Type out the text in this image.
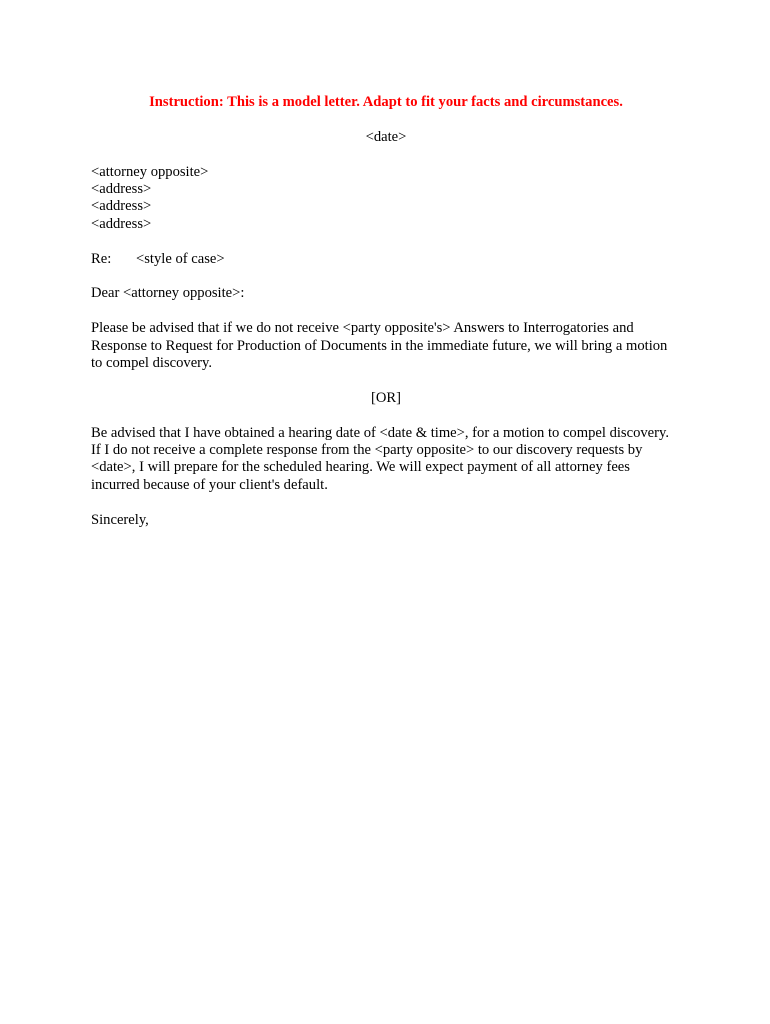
Instruction: This is a model letter. Adapt to fit your facts and circumstances.
<date>
<attorney opposite>
<address>
<address>
<address>
Re: <style of case>
Dear <attorney opposite>:
Please be advised that if we do not receive <party opposite's> Answers to Interrogatories and
Response to Request for Production of Documents in the immediate future, we will bring a motion
to compel discovery.
[OR]
Be advised that I have obtained a hearing date of <date & time>, for a motion to compel discovery.
If I do not receive a complete response from the <party opposite> to our discovery requests by
<date>, I will prepare for the scheduled hearing. We will expect payment of all attorney fees
incurred because of your client's default.
Sincerely,
